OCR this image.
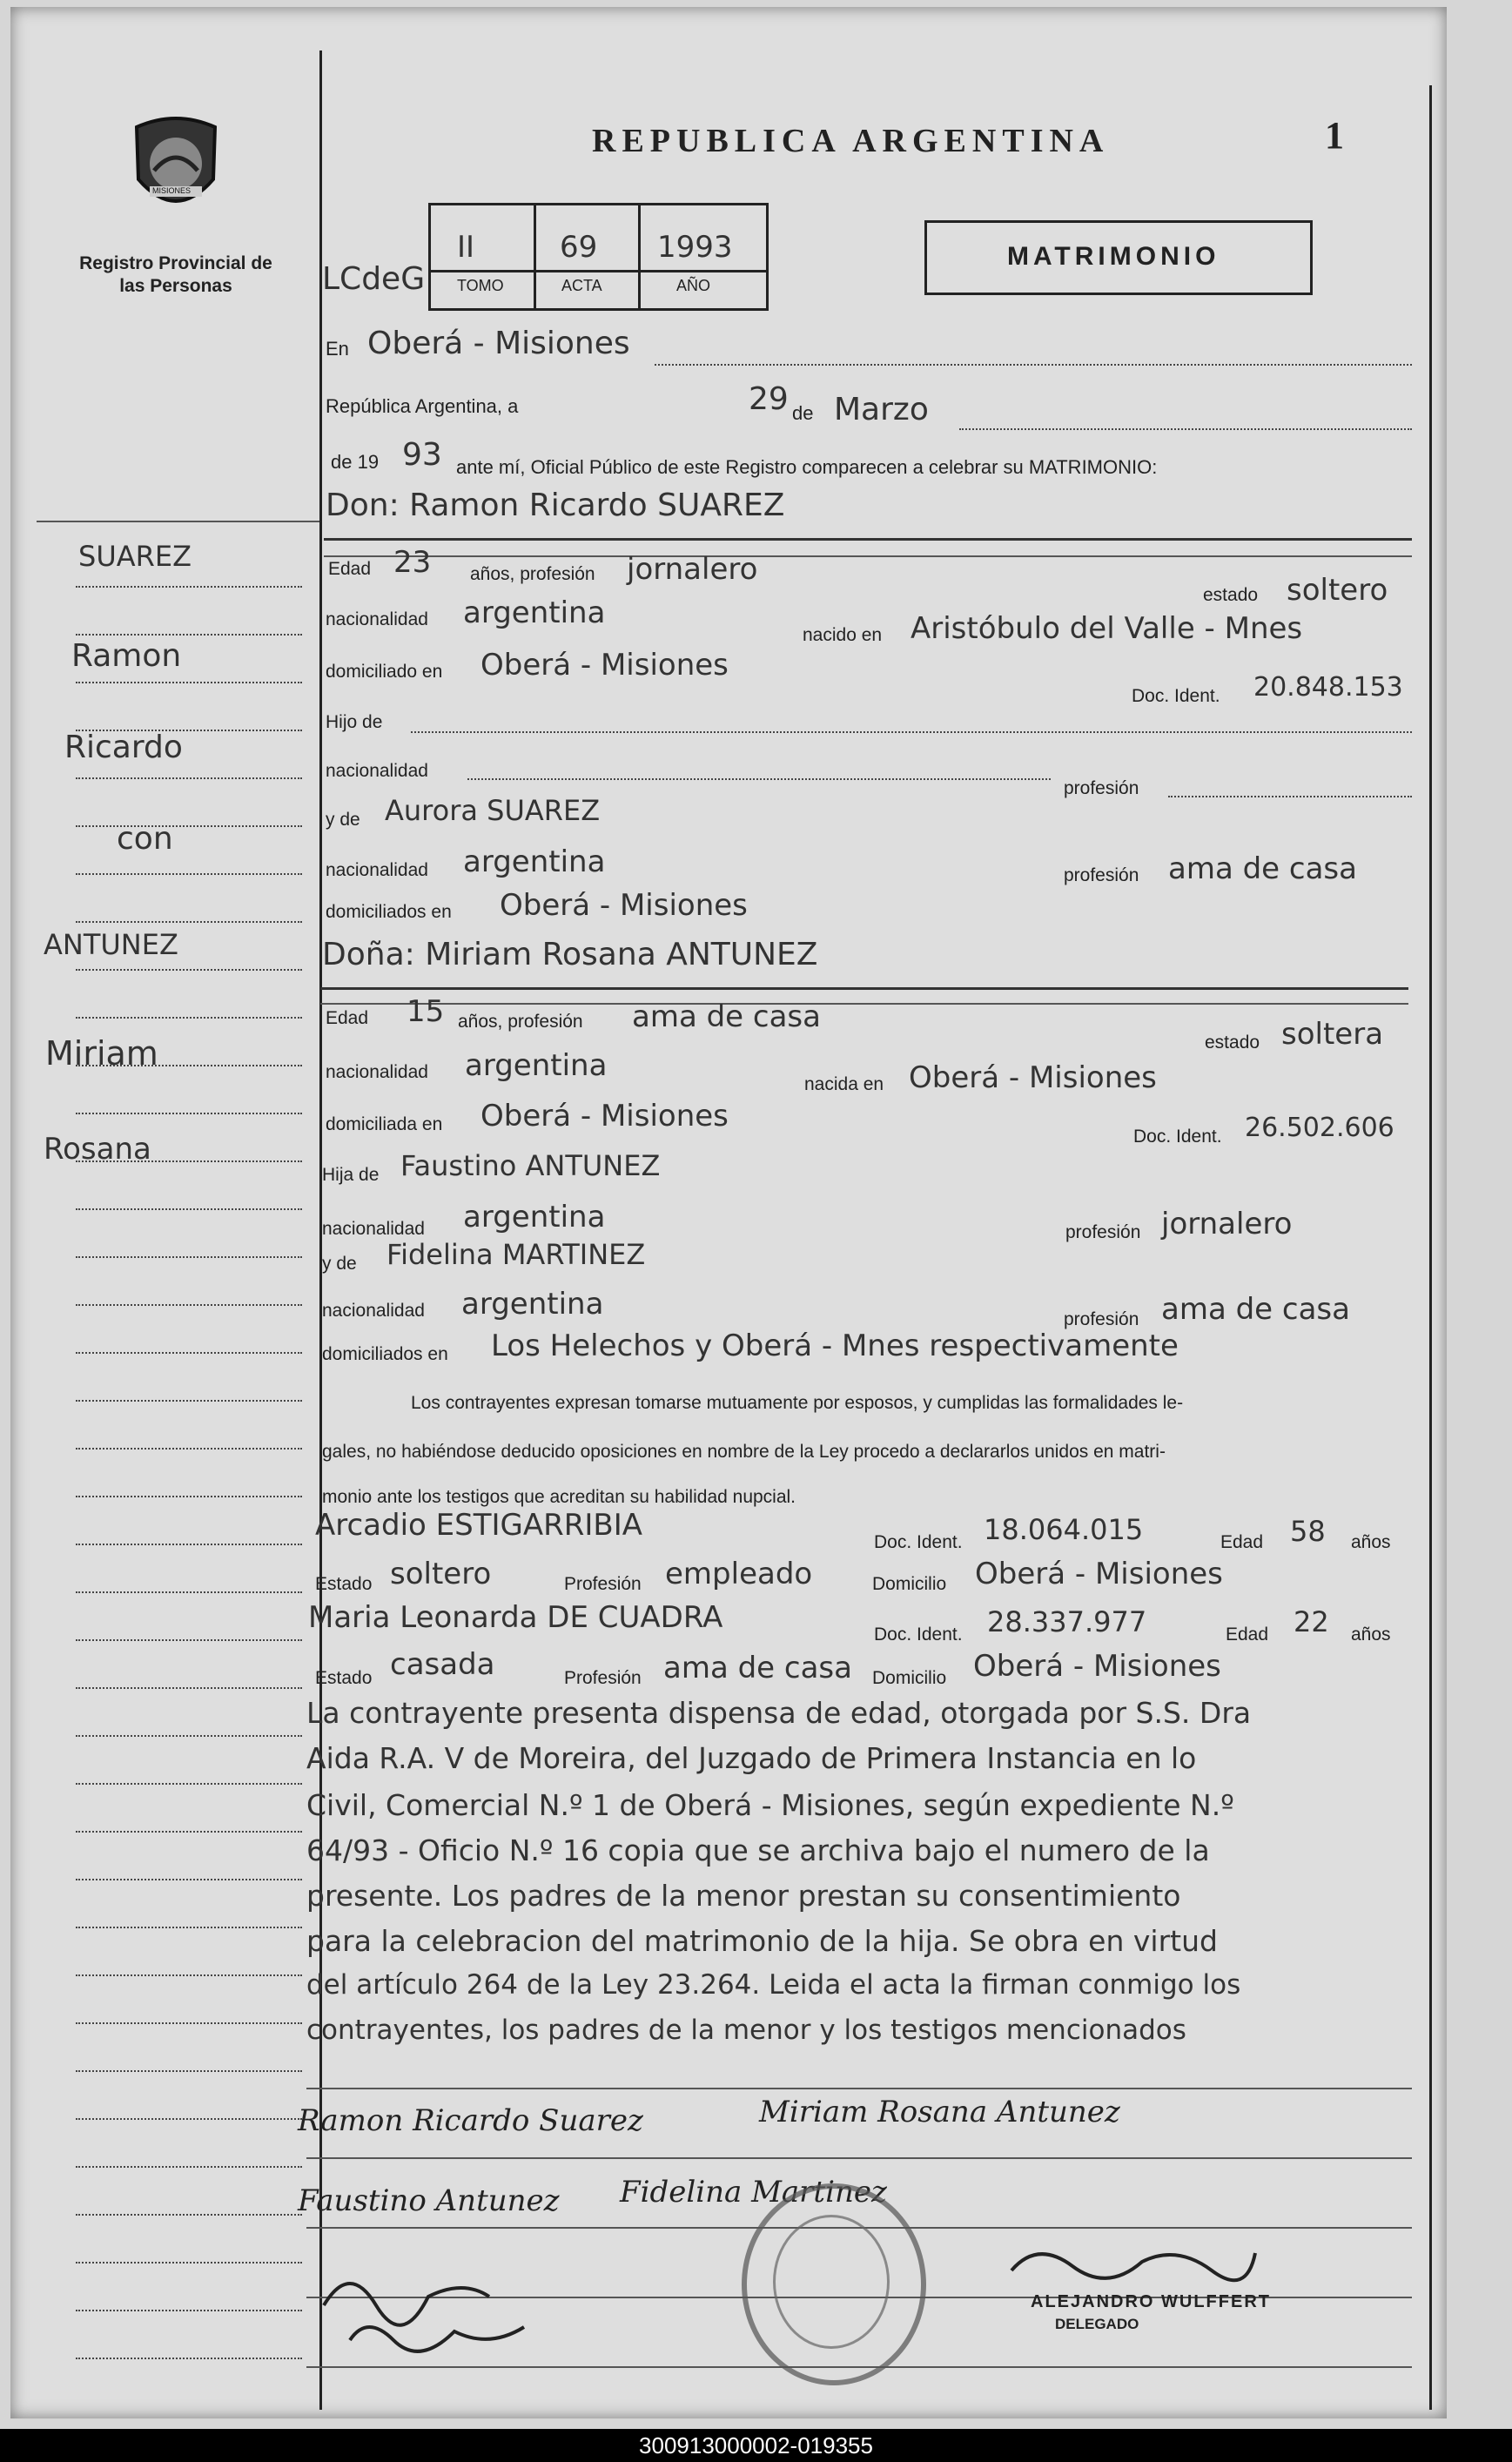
MISIONES
Registro Provincial de las Personas
REPUBLICA ARGENTINA	1
LCdeG
II	69 1993
TOMO	ACTA	AÑO
MATRIMONIO
En Oberá - Misiones
República Argentina, a	29 de Marzo
de 19 93 ante mí, Oficial Público de este Registro comparecen a celebrar su MATRIMONIO:
SUAREZ
Ramon
Ricardo
con
ANTUNEZ
Miriam
Rosana
Don: Ramon Ricardo SUAREZ
Edad 23 años, profesión jornalero
estado soltero
nacionalidad argentina
nacido en Aristóbulo del Valle - Mnes
domiciliado en Oberá - Misiones
Doc. Ident. 20.848.153
Hijo de
nacionalidad
profesión
y de Aurora SUAREZ
nacionalidad argentina	profesión ama de casa
domiciliados en Oberá - Misiones
Doña: Miriam Rosana ANTUNEZ
Edad 15 años, profesión ama de casa
estado soltera
nacionalidad argentina
nacida en Oberá - Misiones
domiciliada en Oberá - Misiones
Doc. Ident. 26.502.606
Hija de Faustino ANTUNEZ
nacionalidad argentina	profesión jornalero
y de Fidelina MARTINEZ
nacionalidad argentina	profesión ama de casa
domiciliados en Los Helechos y Oberá - Mnes respectivamente
Los contrayentes expresan tomarse mutuamente por esposos, y cumplidas las formalidades le-
gales, no habiéndose deducido oposiciones en nombre de la Ley procedo a declararlos unidos en matri-
monio ante los testigos que acreditan su habilidad nupcial.
Arcadio ESTIGARRIBIA	Doc. Ident. 18.064.015	Edad 58 años
Estado soltero	Profesión empleado	Domicilio Oberá - Misiones
Maria Leonarda DE CUADRA	Doc. Ident. 28.337.977	Edad 22 años
Estado casada	Profesión ama de casa Domicilio Oberá - Misiones
La contrayente presenta dispensa de edad, otorgada por S.S. Dra
Aida R.A. V de Moreira, del Juzgado de Primera Instancia en lo
Civil, Comercial N.º 1 de Oberá - Misiones, según expediente N.º
64/93 - Oficio N.º 16 copia que se archiva bajo el numero de la
presente. Los padres de la menor prestan su consentimiento
para la celebracion del matrimonio de la hija. Se obra en virtud
del artículo 264 de la Ley 23.264. Leida el acta la firman conmigo los
contrayentes, los padres de la menor y los testigos mencionados
Ramon Ricardo Suarez	Miriam Rosana Antunez
Faustino Antunez Fidelina Martinez
ALEJANDRO WULFFERT
DELEGADO
300913000002-019355
